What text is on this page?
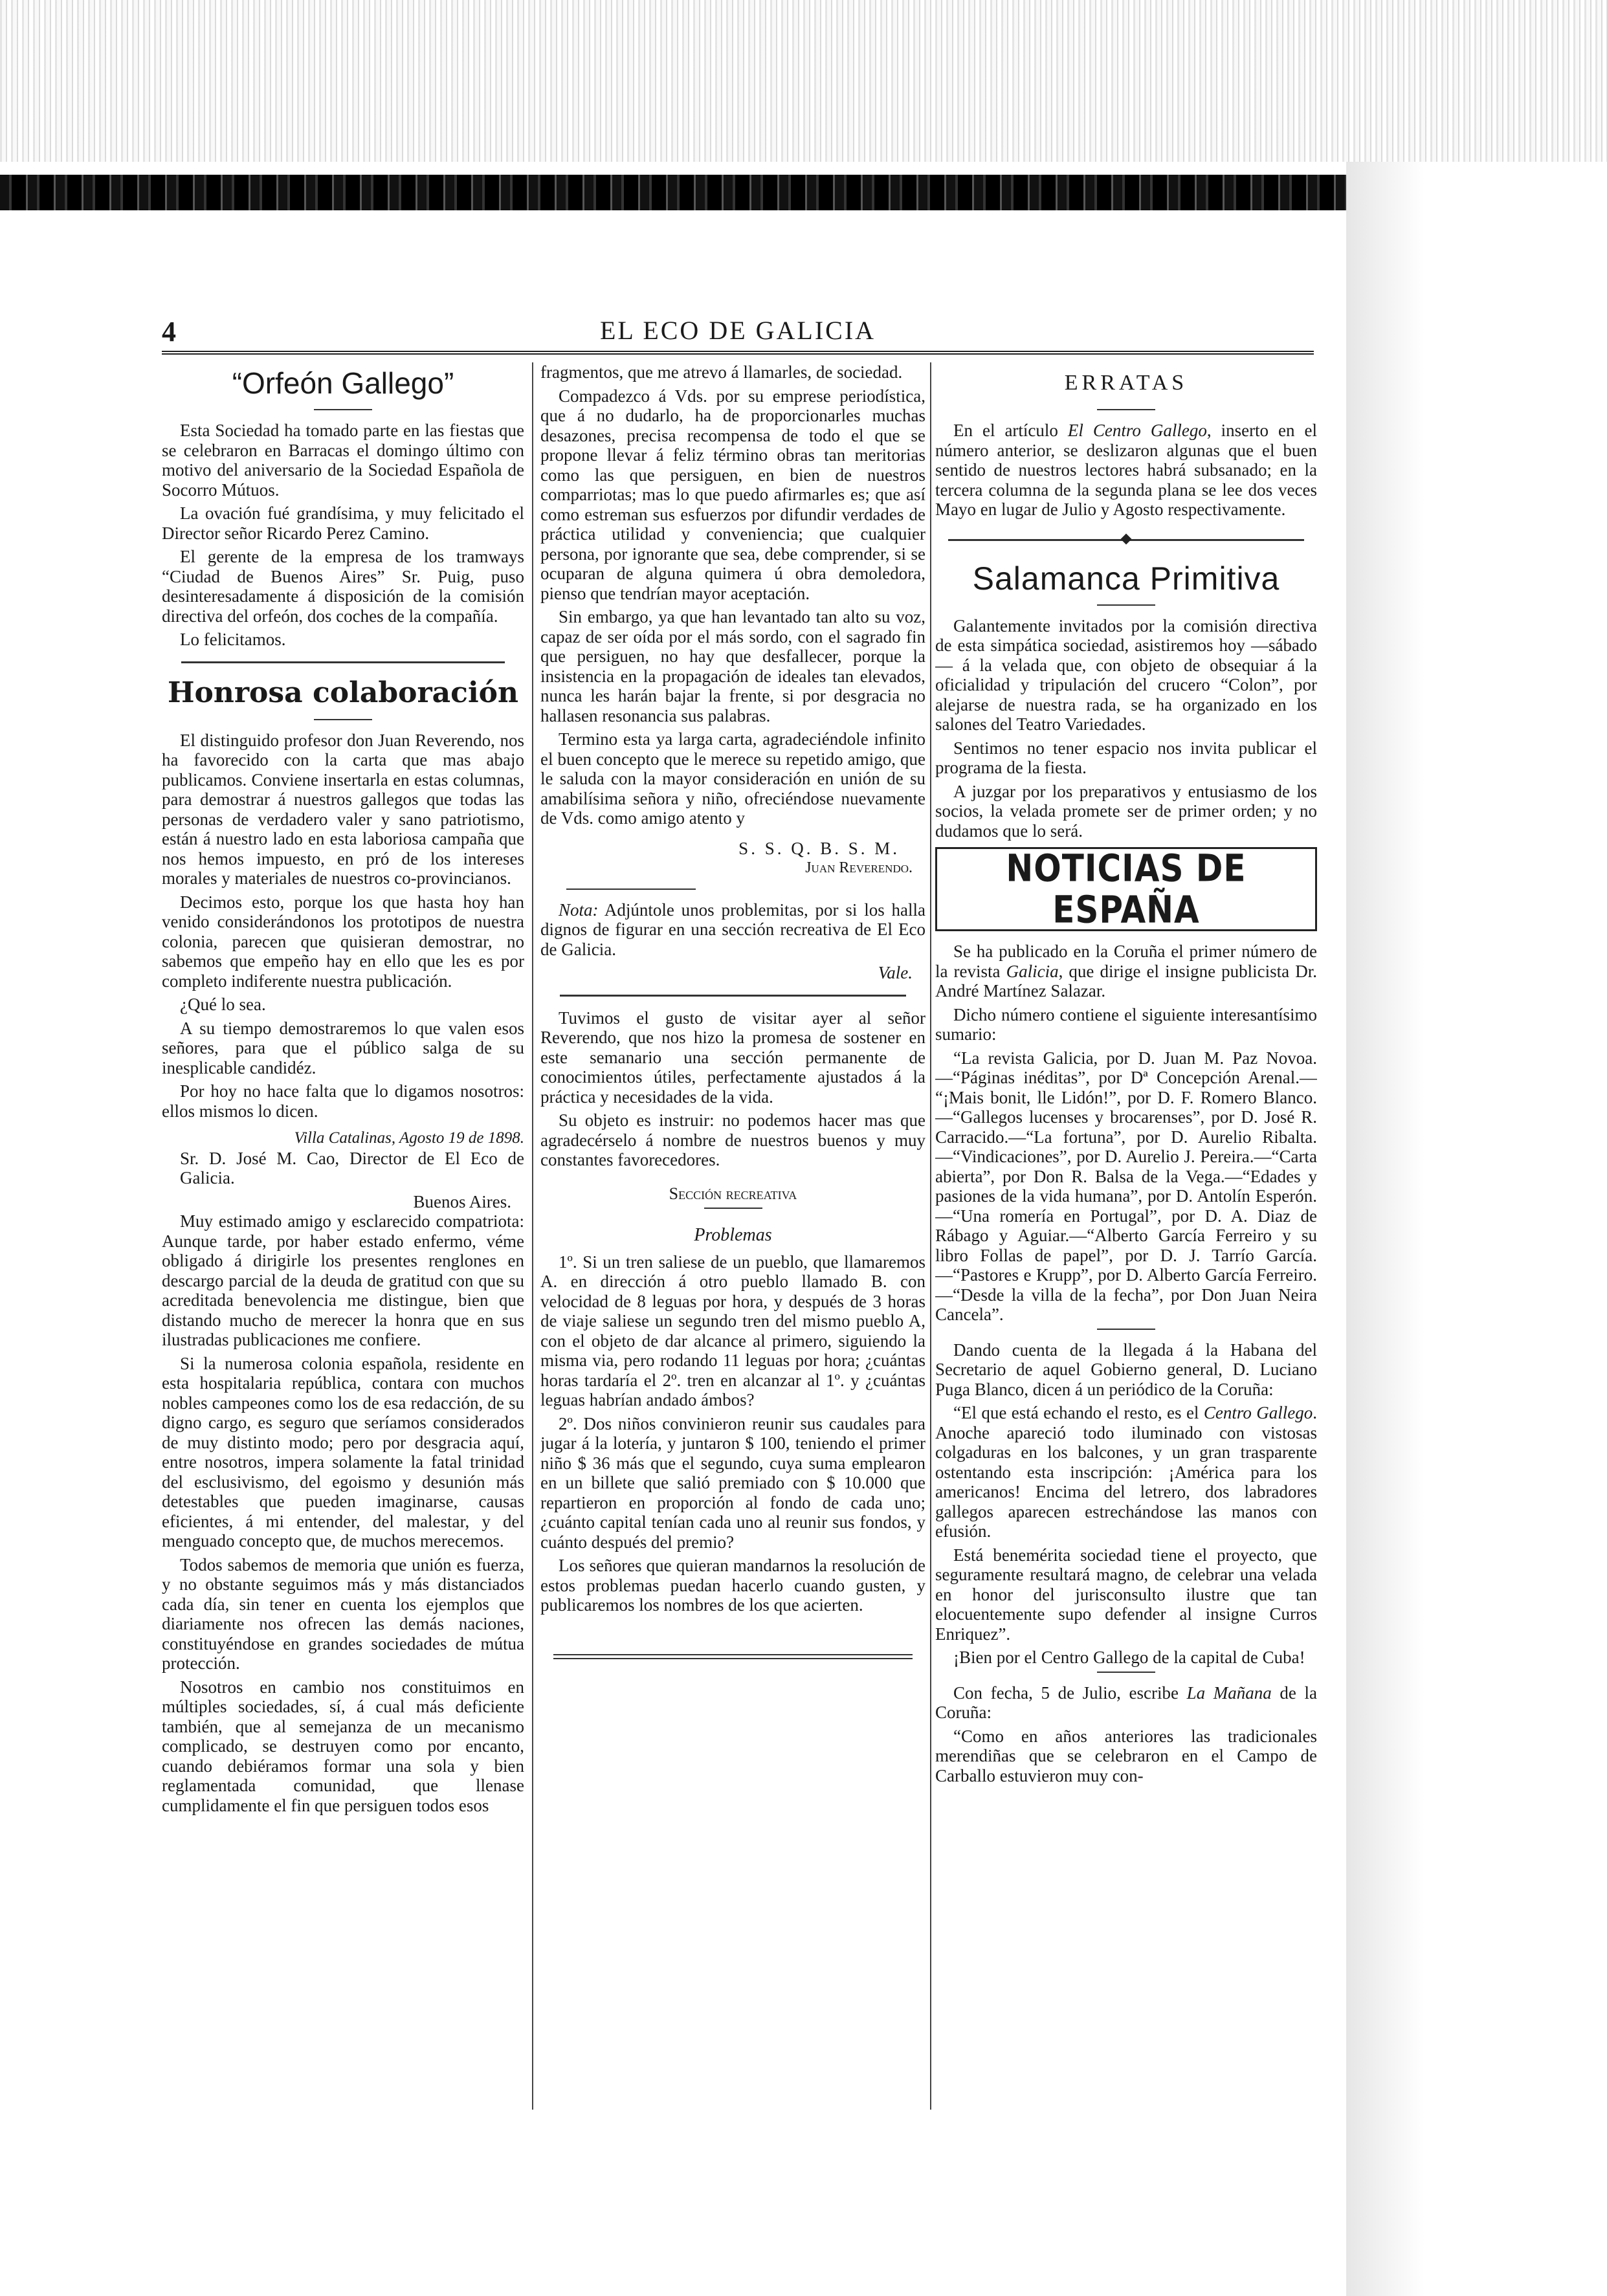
4	EL ECO DE GALICIA
“Orfeón Gallego”

Esta Sociedad ha tomado parte en las fiestas que se celebraron en Barracas el domingo último con motivo del aniversario de la Sociedad Española de Socorro Mútuos.

La ovación fué grandísima, y muy felicitado el Director señor Ricardo Perez Camino.

El gerente de la empresa de los tramways “Ciudad de Buenos Aires” Sr. Puig, puso desinteresadamente á disposición de la comisión directiva del orfeón, dos coches de la compañía.

Lo felicitamos.

Honrosa colaboración

El distinguido profesor don Juan Reverendo, nos ha favorecido con la carta que mas abajo publicamos. Conviene insertarla en estas columnas, para demostrar á nuestros gallegos que todas las personas de verdadero valer y sano patriotismo, están á nuestro lado en esta laboriosa campaña que nos hemos impuesto, en pró de los intereses morales y materiales de nuestros co-provincianos.

Decimos esto, porque los que hasta hoy han venido considerándonos los prototipos de nuestra colonia, parecen que quisieran demostrar, no sabemos que empeño hay en ello que les es por completo indiferente nuestra publicación.

¿Qué lo sea.

A su tiempo demostraremos lo que valen esos señores, para que el público salga de su inesplicable candidéz.

Por hoy no hace falta que lo digamos nosotros: ellos mismos lo dicen.

Villa Catalinas, Agosto 19 de 1898.

Sr. D. José M. Cao, Director de El Eco de Galicia.

Buenos Aires.

Muy estimado amigo y esclarecido compatriota: Aunque tarde, por haber estado enfermo, véme obligado á dirigirle los presentes renglones en descargo parcial de la deuda de gratitud con que su acreditada benevolencia me distingue, bien que distando mucho de merecer la honra que en sus ilustradas publicaciones me confiere.

Si la numerosa colonia española, residente en esta hospitalaria república, contara con muchos nobles campeones como los de esa redacción, de su digno cargo, es seguro que seríamos considerados de muy distinto modo; pero por desgracia aquí, entre nosotros, impera solamente la fatal trinidad del esclusivismo, del egoismo y desunión más detestables que pueden imaginarse, causas eficientes, á mi entender, del malestar, y del menguado concepto que, de muchos merecemos.

Todos sabemos de memoria que unión es fuerza, y no obstante seguimos más y más distanciados cada día, sin tener en cuenta los ejemplos que diariamente nos ofrecen las demás naciones, constituyéndose en grandes sociedades de mútua protección.

Nosotros en cambio nos constituimos en múltiples sociedades, sí, á cual más deficiente también, que al semejanza de un mecanismo complicado, se destruyen como por encanto, cuando debiéramos formar una sola y bien reglamentada comunidad, que llenase cumplidamente el fin que persiguen todos esos

fragmentos, que me atrevo á llamarles, de sociedad.

Compadezco á Vds. por su emprese periodística, que á no dudarlo, ha de proporcionarles muchas desazones, precisa recompensa de todo el que se propone llevar á feliz término obras tan meritorias como las que persiguen, en bien de nuestros comparriotas; mas lo que puedo afirmarles es; que así como estreman sus esfuerzos por difundir verdades de práctica utilidad y conveniencia; que cualquier persona, por ignorante que sea, debe comprender, si se ocuparan de alguna quimera ú obra demoledora, pienso que tendrían mayor aceptación.

Sin embargo, ya que han levantado tan alto su voz, capaz de ser oída por el más sordo, con el sagrado fin que persiguen, no hay que desfallecer, porque la insistencia en la propagación de ideales tan elevados, nunca les harán bajar la frente, si por desgracia no hallasen resonancia sus palabras.

Termino esta ya larga carta, agradeciéndole infinito el buen concepto que le merece su repetido amigo, que le saluda con la mayor consideración en unión de su amabilísima señora y niño, ofreciéndose nuevamente de Vds. como amigo atento y

S. S. Q. B. S. M.
Juan Reverendo.

Nota: Adjúntole unos problemitas, por si los halla dignos de figurar en una sección recreativa de El Eco de Galicia.

Vale.

Tuvimos el gusto de visitar ayer al señor Reverendo, que nos hizo la promesa de sostener en este semanario una sección permanente de conocimientos útiles, perfectamente ajustados á la práctica y necesidades de la vida.

Su objeto es instruir: no podemos hacer mas que agradecérselo á nombre de nuestros buenos y muy constantes favorecedores.

Sección recreativa
Problemas

1º. Si un tren saliese de un pueblo, que llamaremos A. en dirección á otro pueblo llamado B. con velocidad de 8 leguas por hora, y después de 3 horas de viaje saliese un segundo tren del mismo pueblo A, con el objeto de dar alcance al primero, siguiendo la misma via, pero rodando 11 leguas por hora; ¿cuántas horas tardaría el 2º. tren en alcanzar al 1º. y ¿cuántas leguas habrían andado ámbos?

2º. Dos niños convinieron reunir sus caudales para jugar á la lotería, y juntaron $ 100, teniendo el primer niño $ 36 más que el segundo, cuya suma emplearon en un billete que salió premiado con $ 10.000 que repartieron en proporción al fondo de cada uno; ¿cuánto capital tenían cada uno al reunir sus fondos, y cuánto después del premio?

Los señores que quieran mandarnos la resolución de estos problemas puedan hacerlo cuando gusten, y publicaremos los nombres de los que acierten.

ERRATAS

En el artículo El Centro Gallego, inserto en el número anterior, se deslizaron algunas que el buen sentido de nuestros lectores habrá subsanado; en la tercera columna de la segunda plana se lee dos veces Mayo en lugar de Julio y Agosto respectivamente.

Salamanca Primitiva

Galantemente invitados por la comisión directiva de esta simpática sociedad, asistiremos hoy —sábado— á la velada que, con objeto de obsequiar á la oficialidad y tripulación del crucero “Colon”, por alejarse de nuestra rada, se ha organizado en los salones del Teatro Variedades.

Sentimos no tener espacio nos invita publicar el programa de la fiesta.

A juzgar por los preparativos y entusiasmo de los socios, la velada promete ser de primer orden; y no dudamos que lo será.

NOTICIAS DE ESPAÑA

Se ha publicado en la Coruña el primer número de la revista Galicia, que dirige el insigne publicista Dr. André Martínez Salazar.

Dicho número contiene el siguiente interesantísimo sumario:

“La revista Galicia, por D. Juan M. Paz Novoa.—“Páginas inéditas”, por Dª Concepción Arenal.— “¡Mais bonit, lle Lidón!”, por D. F. Romero Blanco.—“Gallegos lucenses y brocarenses”, por D. José R. Carracido.—“La fortuna”, por D. Aurelio Ribalta.—“Vindicaciones”, por D. Aurelio J. Pereira.—“Carta abierta”, por Don R. Balsa de la Vega.—“Edades y pasiones de la vida humana”, por D. Antolín Esperón.—“Una romería en Portugal”, por D. A. Diaz de Rábago y Aguiar.—“Alberto García Ferreiro y su libro Follas de papel”, por D. J. Tarrío García.—“Pastores e Krupp”, por D. Alberto García Ferreiro. —“Desde la villa de la fecha”, por Don Juan Neira Cancela”.

Dando cuenta de la llegada á la Habana del Secretario de aquel Gobierno general, D. Luciano Puga Blanco, dicen á un periódico de la Coruña:

“El que está echando el resto, es el Centro Gallego. Anoche apareció todo iluminado con vistosas colgaduras en los balcones, y un gran trasparente ostentando esta inscripción: ¡América para los americanos! Encima del letrero, dos labradores gallegos aparecen estrechándose las manos con efusión.

Está benemérita sociedad tiene el proyecto, que seguramente resultará magno, de celebrar una velada en honor del jurisconsulto ilustre que tan elocuentemente supo defender al insigne Curros Enriquez”.

¡Bien por el Centro Gallego de la capital de Cuba!

Con fecha, 5 de Julio, escribe La Mañana de la Coruña:

“Como en años anteriores las tradicionales merendiñas que se celebraron en el Campo de Carballo estuvieron muy con-
